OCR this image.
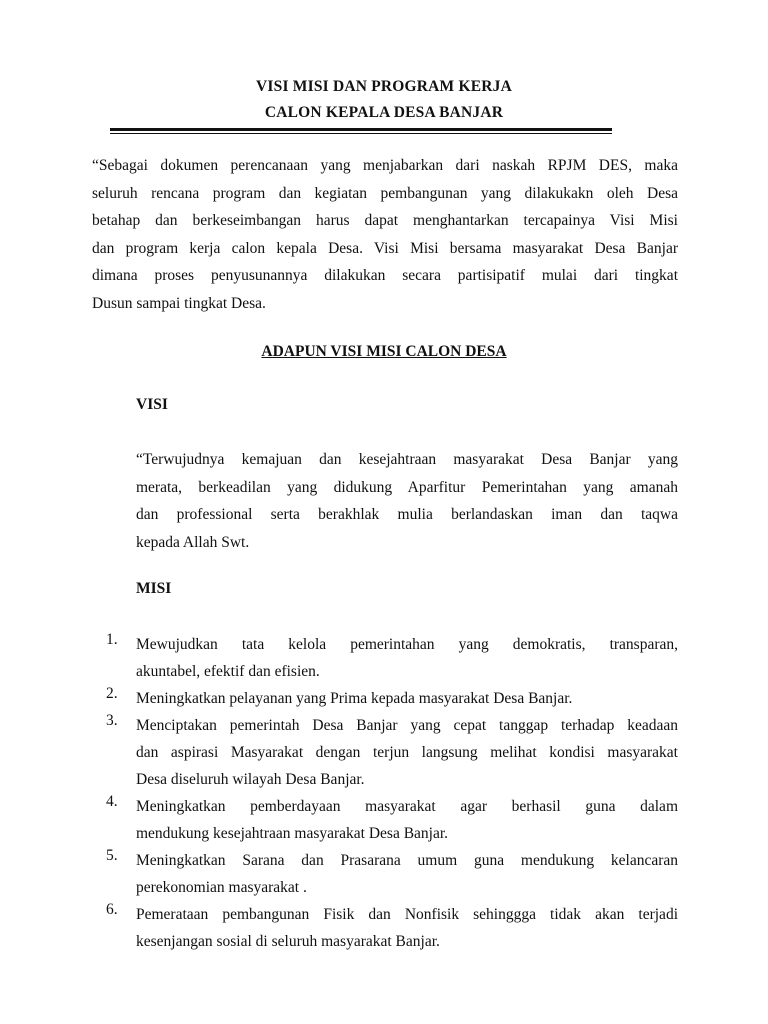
VISI MISI DAN PROGRAM KERJA
CALON KEPALA DESA BANJAR
“Sebagai dokumen perencanaan yang menjabarkan dari naskah RPJM DES, maka
seluruh rencana program dan kegiatan pembangunan yang dilakukakn oleh Desa
betahap dan berkeseimbangan harus dapat menghantarkan tercapainya Visi Misi
dan program kerja calon kepala Desa. Visi Misi bersama masyarakat Desa Banjar
dimana proses penyusunannya dilakukan secara partisipatif mulai dari tingkat
Dusun sampai tingkat Desa.
ADAPUN VISI MISI CALON DESA
VISI
“Terwujudnya kemajuan dan kesejahtraan masyarakat Desa Banjar yang
merata, berkeadilan yang didukung Aparfitur Pemerintahan yang amanah
dan professional serta berakhlak mulia berlandaskan iman dan taqwa
kepada Allah Swt.
MISI
1.	Mewujudkan tata kelola pemerintahan yang demokratis, transparan,
akuntabel, efektif dan efisien.
2.	Meningkatkan pelayanan yang Prima kepada masyarakat Desa Banjar.
3.	Menciptakan pemerintah Desa Banjar yang cepat tanggap terhadap keadaan
dan aspirasi Masyarakat dengan terjun langsung melihat kondisi masyarakat
Desa diseluruh wilayah Desa Banjar.
4.	Meningkatkan pemberdayaan masyarakat agar berhasil guna dalam
mendukung kesejahtraan masyarakat Desa Banjar.
5.	Meningkatkan Sarana dan Prasarana umum guna mendukung kelancaran
perekonomian masyarakat .
6.	Pemerataan pembangunan Fisik dan Nonfisik sehinggga tidak akan terjadi
kesenjangan sosial di seluruh masyarakat Banjar.
